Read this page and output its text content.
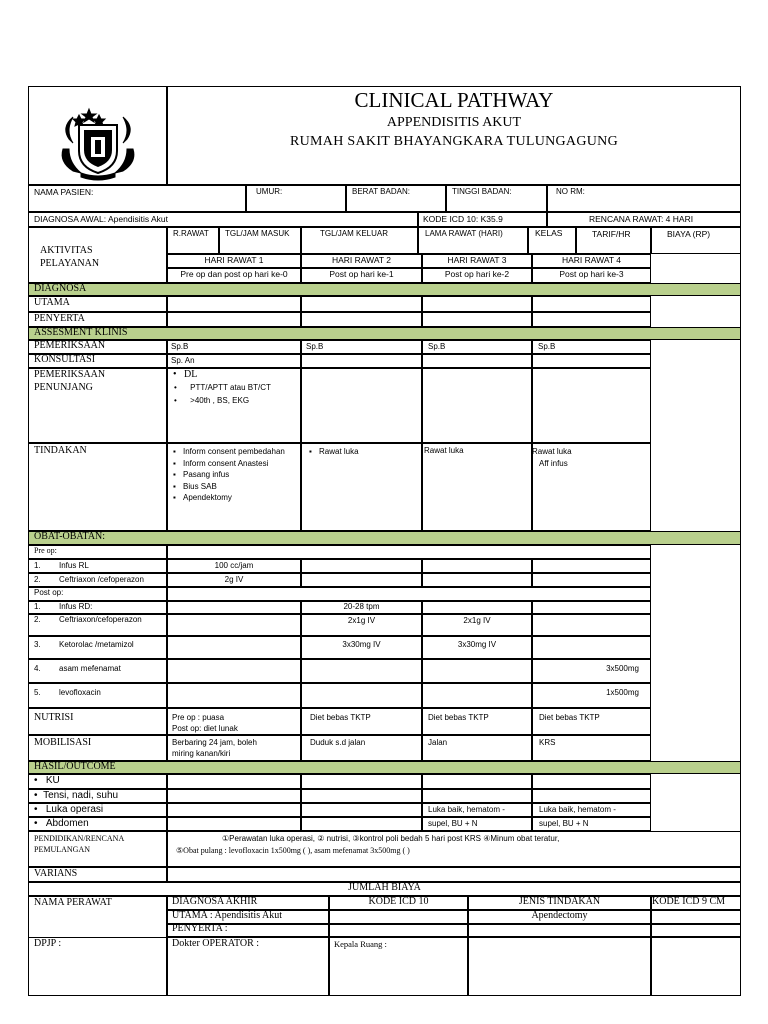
CLINICAL PATHWAY
APPENDISITIS AKUT
RUMAH SAKIT BHAYANGKARA TULUNGAGUNG
NAMA PASIEN:	UMUR:	BERAT BADAN:	TINGGI BADAN:	NO RM:
DIAGNOSA AWAL: Apendisitis Akut	KODE ICD 10: K35.9	RENCANA RAWAT: 4 HARI
AKTIVITAS
PELAYANAN
R.RAWAT TGL/JAM MASUK	TGL/JAM KELUAR	LAMA RAWAT (HARI)	KELAS	TARIF/HR	BIAYA (RP)
HARI RAWAT 1	HARI RAWAT 2	HARI RAWAT 3	HARI RAWAT 4
Pre op dan post op hari ke-0	Post op hari ke-1	Post op hari ke-2	Post op hari ke-3
DIAGNOSA
UTAMA
PENYERTA
ASSESMENT KLINIS
PEMERIKSAAN	Sp.B	Sp.B	Sp.B	Sp.B
KONSULTASI	Sp. An
PEMERIKSAAN
PENUNJANG
•   DL
•      PTT/APTT atau BT/CT
•      >40th , BS, EKG
TINDAKAN
▪	Inform consent pembedahan
▪ Inform consent Anastesi
▪ Pasang infus
▪ Bius SAB
▪ Apendektomy
▪ Rawat luka	Rawat luka	Rawat luka
Aff infus
OBAT-OBATAN:
Pre op:
1. Infus RL	100 cc/jam
2. Ceftriaxon /cefoperazon	2g IV
Post op:
1. Infus RD:	20-28 tpm
2. Ceftriaxon/cefoperazon	2x1g IV	2x1g IV
3. Ketorolac /metamizol	3x30mg IV	3x30mg IV
4. asam mefenamat	3x500mg
5. levofloxacin	1x500mg
NUTRISI	Pre op : puasa
Post op: diet lunak
Diet bebas TKTP	Diet bebas TKTP	Diet bebas TKTP
MOBILISASI	Berbaring 24 jam, boleh
miring kanan/kiri
Duduk s.d jalan	Jalan	KRS
HASIL/OUTCOME
•   KU
•  Tensi, nadi, suhu
•   Luka operasi	Luka baik, hematom -	Luka baik, hematom -
•   Abdomen	supel, BU + N	supel, BU + N
PENDIDIKAN/RENCANA
PEMULANGAN
①Perawatan luka operasi, ② nutrisi, ③kontrol poli bedah 5 hari post KRS ④Minum obat teratur,
⑤Obat pulang : levofloxacin 1x500mg ( ), asam mefenamat 3x500mg ( )
VARIANS
JUMLAH BIAYA
NAMA PERAWAT	DIAGNOSA AKHIR	KODE ICD 10	JENIS TINDAKAN	KODE ICD 9 CM
UTAMA : Apendisitis Akut	Apendectomy
PENYERTA :
DPJP :	Dokter OPERATOR :	Kepala Ruang :
